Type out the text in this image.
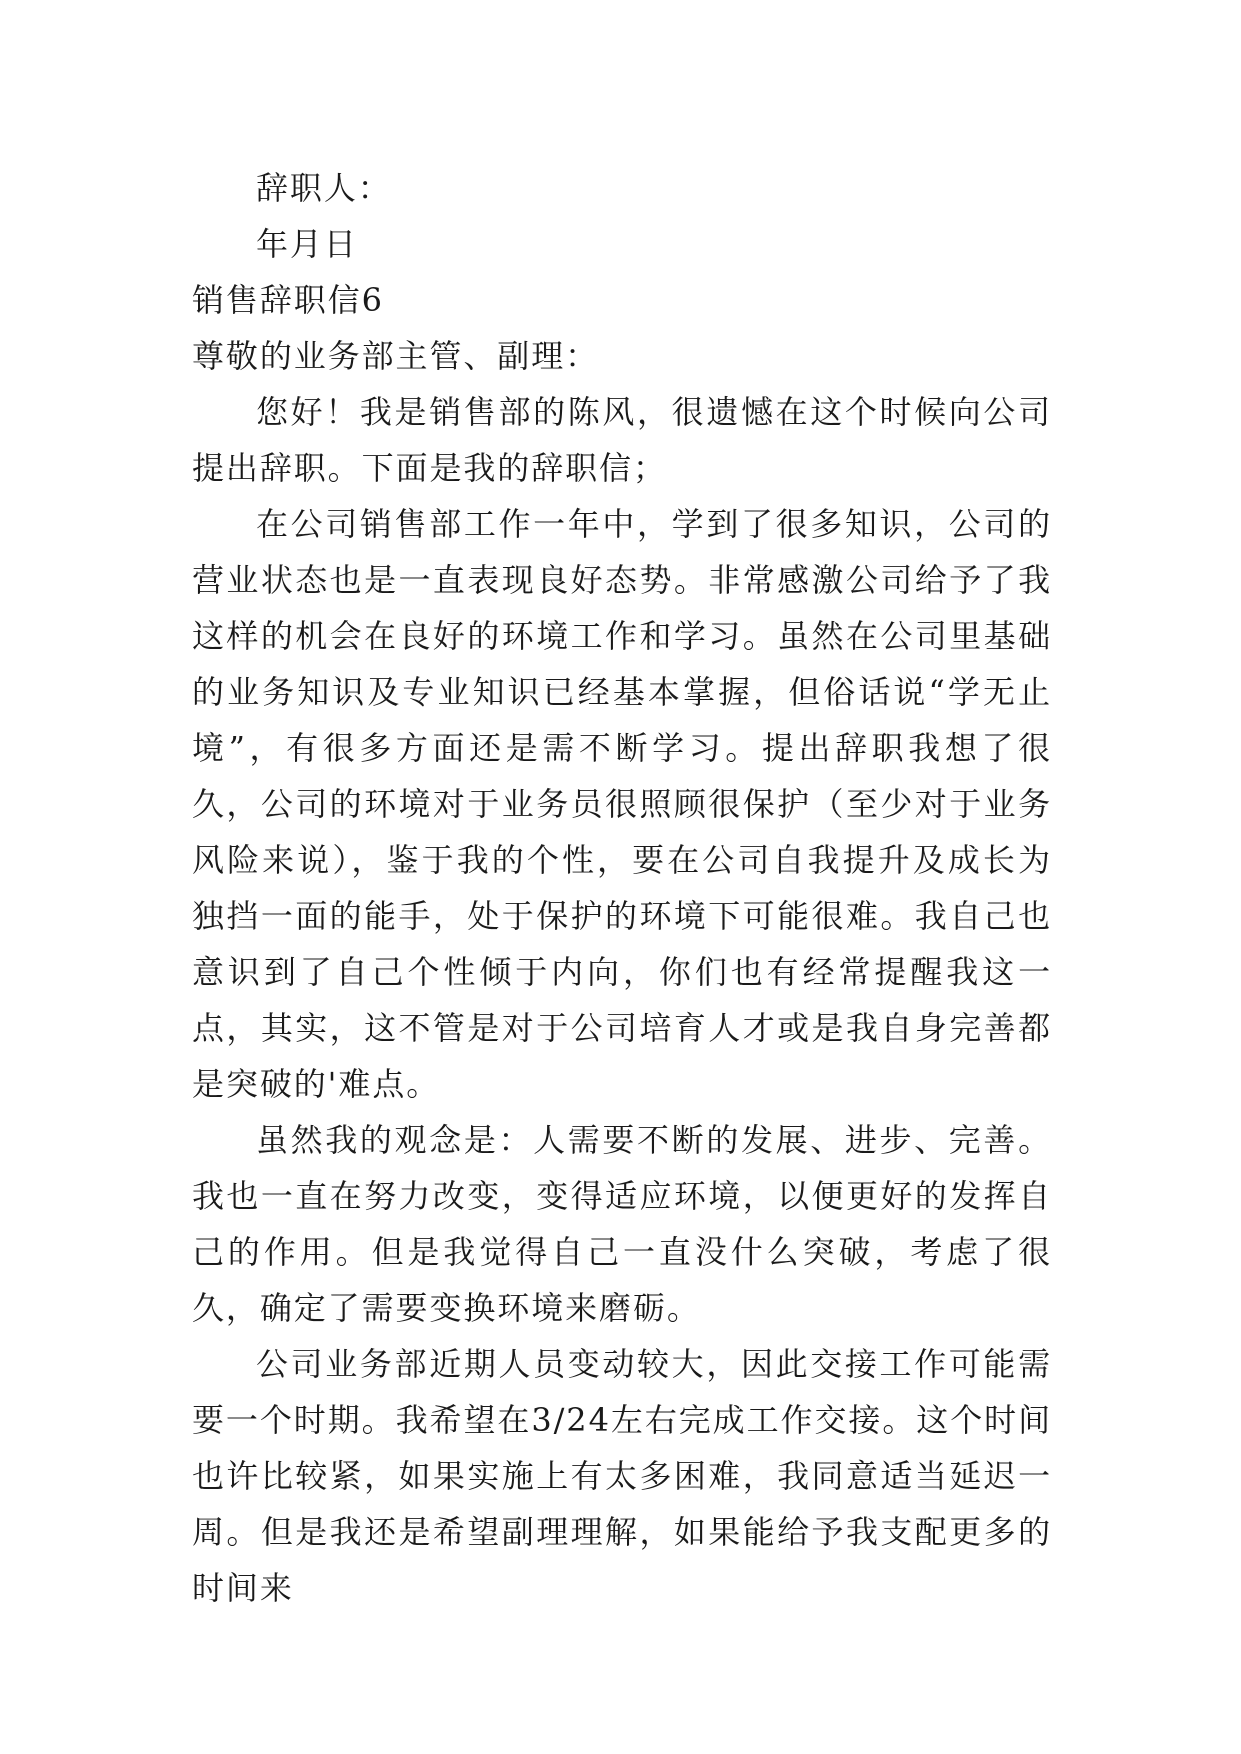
辞职人：
年月日
销售辞职信6
尊敬的业务部主管、副理：

您好！我是销售部的陈风，很遗憾在这个时候向公司提出辞职。下面是我的辞职信；

在公司销售部工作一年中，学到了很多知识，公司的营业状态也是一直表现良好态势。非常感激公司给予了我这样的机会在良好的环境工作和学习。虽然在公司里基础的业务知识及专业知识已经基本掌握，但俗话说“学无止境”，有很多方面还是需不断学习。提出辞职我想了很久，公司的环境对于业务员很照顾很保护（至少对于业务风险来说），鉴于我的个性，要在公司自我提升及成长为独挡一面的能手，处于保护的环境下可能很难。我自己也意识到了自己个性倾于内向，你们也有经常提醒我这一点，其实，这不管是对于公司培育人才或是我自身完善都是突破的'难点。

虽然我的观念是：人需要不断的发展、进步、完善。我也一直在努力改变，变得适应环境，以便更好的发挥自己的作用。但是我觉得自己一直没什么突破，考虑了很久，确定了需要变换环境来磨砺。

公司业务部近期人员变动较大，因此交接工作可能需要一个时期。我希望在3/24左右完成工作交接。这个时间也许比较紧，如果实施上有太多困难，我同意适当延迟一周。但是我还是希望副理理解，如果能给予我支配更多的时间来
